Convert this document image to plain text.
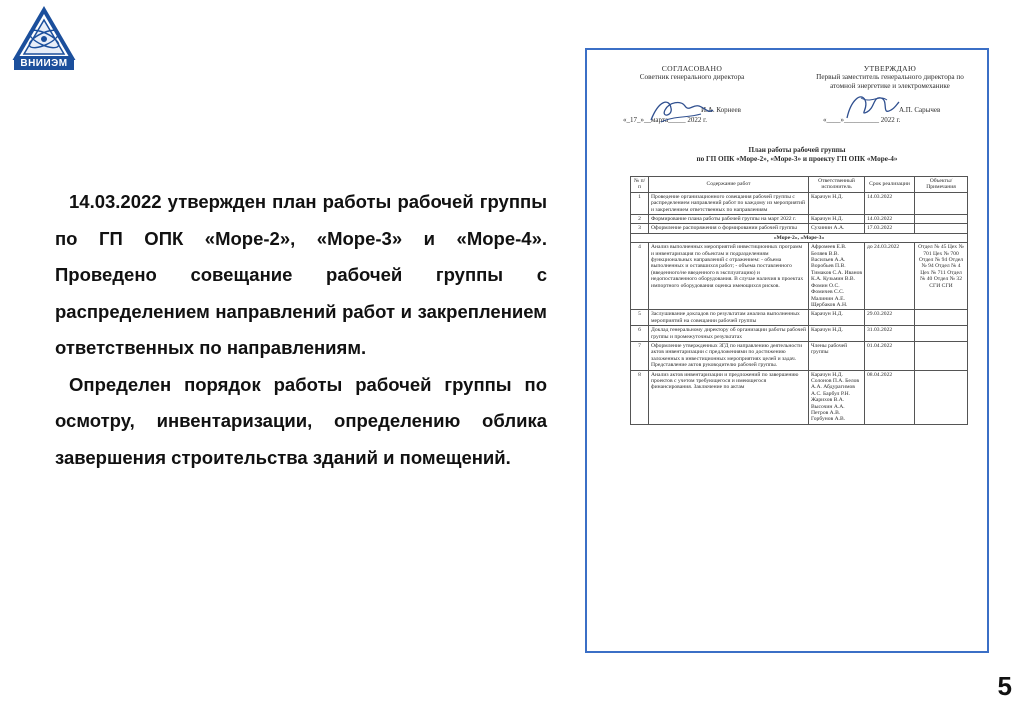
ВНИИЭМ

14.03.2022 утвержден план работы рабочей группы по ГП ОПК «Море-2», «Море-3» и «Море-4». Проведено совещание рабочей группы с распределением направлений работ и закреплением ответственных по направлениям.

Определен порядок работы рабочей группы по осмотру, инвентаризации, определению облика завершения строительства зданий и помещений.

СОГЛАСОВАНО
Советник генерального директора
И.А. Корнеев
«_17_»__марта_____ 2022 г.
УТВЕРЖДАЮ
Первый заместитель генерального директора по атомной энергетике и электромеханике
А.П. Сарычев
«____»__________ 2022 г.
План работы рабочей группы
по ГП ОПК «Море-2», «Море-3» и проекту ГП ОПК «Море-4»
№ п/п	Содержание работ	Ответственный исполнитель	Срок реализации	Объекты/ Примечания
1	Проведение организационного совещания рабочей группы с распределением направлений работ по каждому из мероприятий и закреплением ответственных по направлениям	Карачун Н.Д.	14.03.2022	
2	Формирование плана работы рабочей группы на март 2022 г.	Карачун Н.Д.	14.03.2022	
3	Оформление распоряжения о формировании рабочей группы	Сухинин А.А.	17.03.2022	
«Море-2», «Море-3»				
4	Анализ выполненных мероприятий инвестиционных программ и инвентаризация по объектам и подразделениям функциональных направлений с отражением: - объема выполненных и оставшихся работ; - объема поставленного (введенного/не введенного в эксплуатацию) и недопоставленного оборудования. В случае наличия в проектах импортного оборудования оценка имеющихся рисков.	Афромеев Е.В. Беляев В.В. Васильев А.А. Воробьев П.В. Тимаков С.А. Иванов К.А. Кузьмин В.В. Фомин О.С. Фомичев С.С. Малинин А.Е. Щербаков А.Н.	до 24.03.2022	Отдел № 45 Цех № 701 Цех № 700 Отдел № 94 Отдел № 94 Отдел № 4 Цех № 711 Отдел № 40 Отдел № 32 СГИ СГИ
5	Заслушивание докладов по результатам анализа выполненных мероприятий на совещании рабочей группы	Карачун Н.Д.	29.03.2022	
6	Доклад генеральному директору об организации работы рабочей группы и промежуточных результатах	Карачун Н.Д.	31.03.2022	
7	Оформление утвержденных ЗГД по направлению деятельности актов инвентаризации с предложениями по достижению заложенных в инвестиционных мероприятиях целей и задач. Представление актов руководителю рабочей группы.	Члены рабочей группы	01.04.2022	
8	Анализ актов инвентаризации и предложений по завершению проектов с учетом требующегося и имеющегося финансирования. Заключение по актам	Карачун Н.Д. Солонов П.А. Белов А.А. Абдурагимов А.С. Барбул Р.Н. Жарихов В.А. Высочин А.А. Петров А.В. Горбунов А.В.	08.04.2022	
5
